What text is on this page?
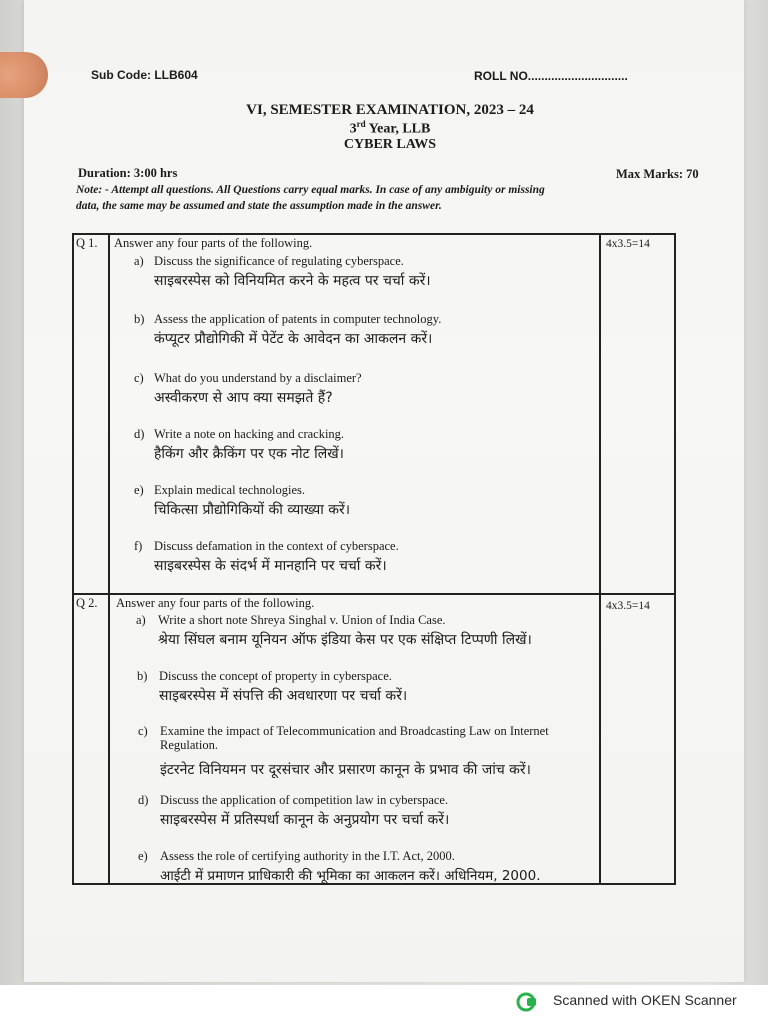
Sub Code: LLB604	ROLL NO..............................
VI, SEMESTER EXAMINATION, 2023 – 24
3rd Year, LLB
CYBER LAWS
Duration: 3:00 hrs	Max Marks: 70
Note: - Attempt all questions. All Questions carry equal marks. In case of any ambiguity or missing
data, the same may be assumed and state the assumption made in the answer.
Q 1. Answer any four parts of the following.	4x3.5=14
a) Discuss the significance of regulating cyberspace.
साइबरस्पेस को विनियमित करने के महत्व पर चर्चा करें।
b) Assess the application of patents in computer technology.
कंप्यूटर प्रौद्योगिकी में पेटेंट के आवेदन का आकलन करें।
c) What do you understand by a disclaimer?
अस्वीकरण से आप क्या समझते हैं?
d) Write a note on hacking and cracking.
हैकिंग और क्रैकिंग पर एक नोट लिखें।
e) Explain medical technologies.
चिकित्सा प्रौद्योगिकियों की व्याख्या करें।
f) Discuss defamation in the context of cyberspace.
साइबरस्पेस के संदर्भ में मानहानि पर चर्चा करें।
Q 2. Answer any four parts of the following.	4x3.5=14
a) Write a short note Shreya Singhal v. Union of India Case.
श्रेया सिंघल बनाम यूनियन ऑफ इंडिया केस पर एक संक्षिप्त टिप्पणी लिखें।
b) Discuss the concept of property in cyberspace.
साइबरस्पेस में संपत्ति की अवधारणा पर चर्चा करें।
c) Examine the impact of Telecommunication and Broadcasting Law on Internet
Regulation.
इंटरनेट विनियमन पर दूरसंचार और प्रसारण कानून के प्रभाव की जांच करें।
d) Discuss the application of competition law in cyberspace.
साइबरस्पेस में प्रतिस्पर्धा कानून के अनुप्रयोग पर चर्चा करें।
e) Assess the role of certifying authority in the I.T. Act, 2000.
आईटी में प्रमाणन प्राधिकारी की भूमिका का आकलन करें। अधिनियम, 2000.
Scanned with OKEN Scanner
